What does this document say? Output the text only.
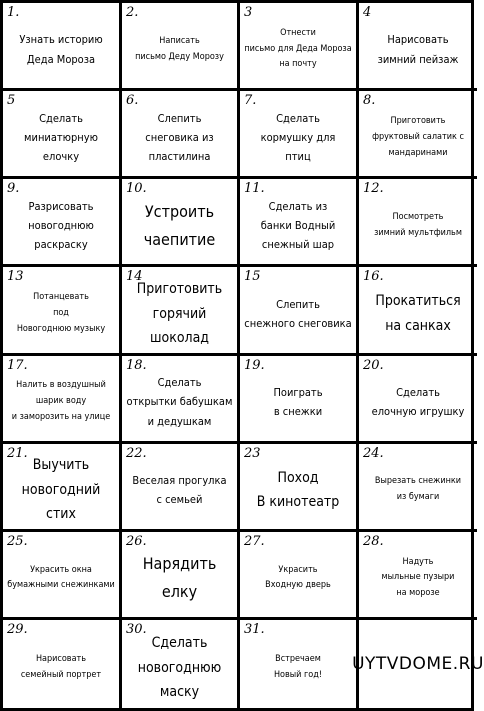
1.
Узнать историю
Деда Мороза
2.
Написать
письмо Деду Морозу
3
Отнести
письмо для Деда Мороза
на почту
4
Нарисовать
зимний пейзаж
5
Сделать
миниатюрную
елочку
6.
Слепить
снеговика из
пластилина
7.
Сделать
кормушку для
птиц
8.
Приготовить
фруктовый салатик с
мандаринами
9.
Разрисовать
новогоднюю
раскраску
10.
Устроить
чаепитие
11.
Сделать из
банки Водный
снежный шар
12.
Посмотреть
зимний мультфильм
13
Потанцевать
под
Новогоднюю музыку
14
Приготовить
горячий шоколад
15
Слепить
снежного снеговика
16.
Прокатиться
на санках
17.
Налить в воздушный
шарик воду
и заморозить на улице
18.
Сделать
открытки бабушкам
и дедушкам
19.
Поиграть
в снежки
20.
Сделать
елочную игрушку
21.
Выучить
новогодний стих
22.
Веселая прогулка
с семьей
23
Поход
В кинотеатр
24.
Вырезать снежинки
из бумаги
25.
Украсить окна
бумажными снежинками
26.
Нарядить
елку
27.
Украсить
Входную дверь
28.
Надуть
мыльные пузыри
на морозе
29.
Нарисовать
семейный портрет
30.
Сделать
новогоднюю маску
31.
Встречаем
Новый год!
UYTVDOME.RU
